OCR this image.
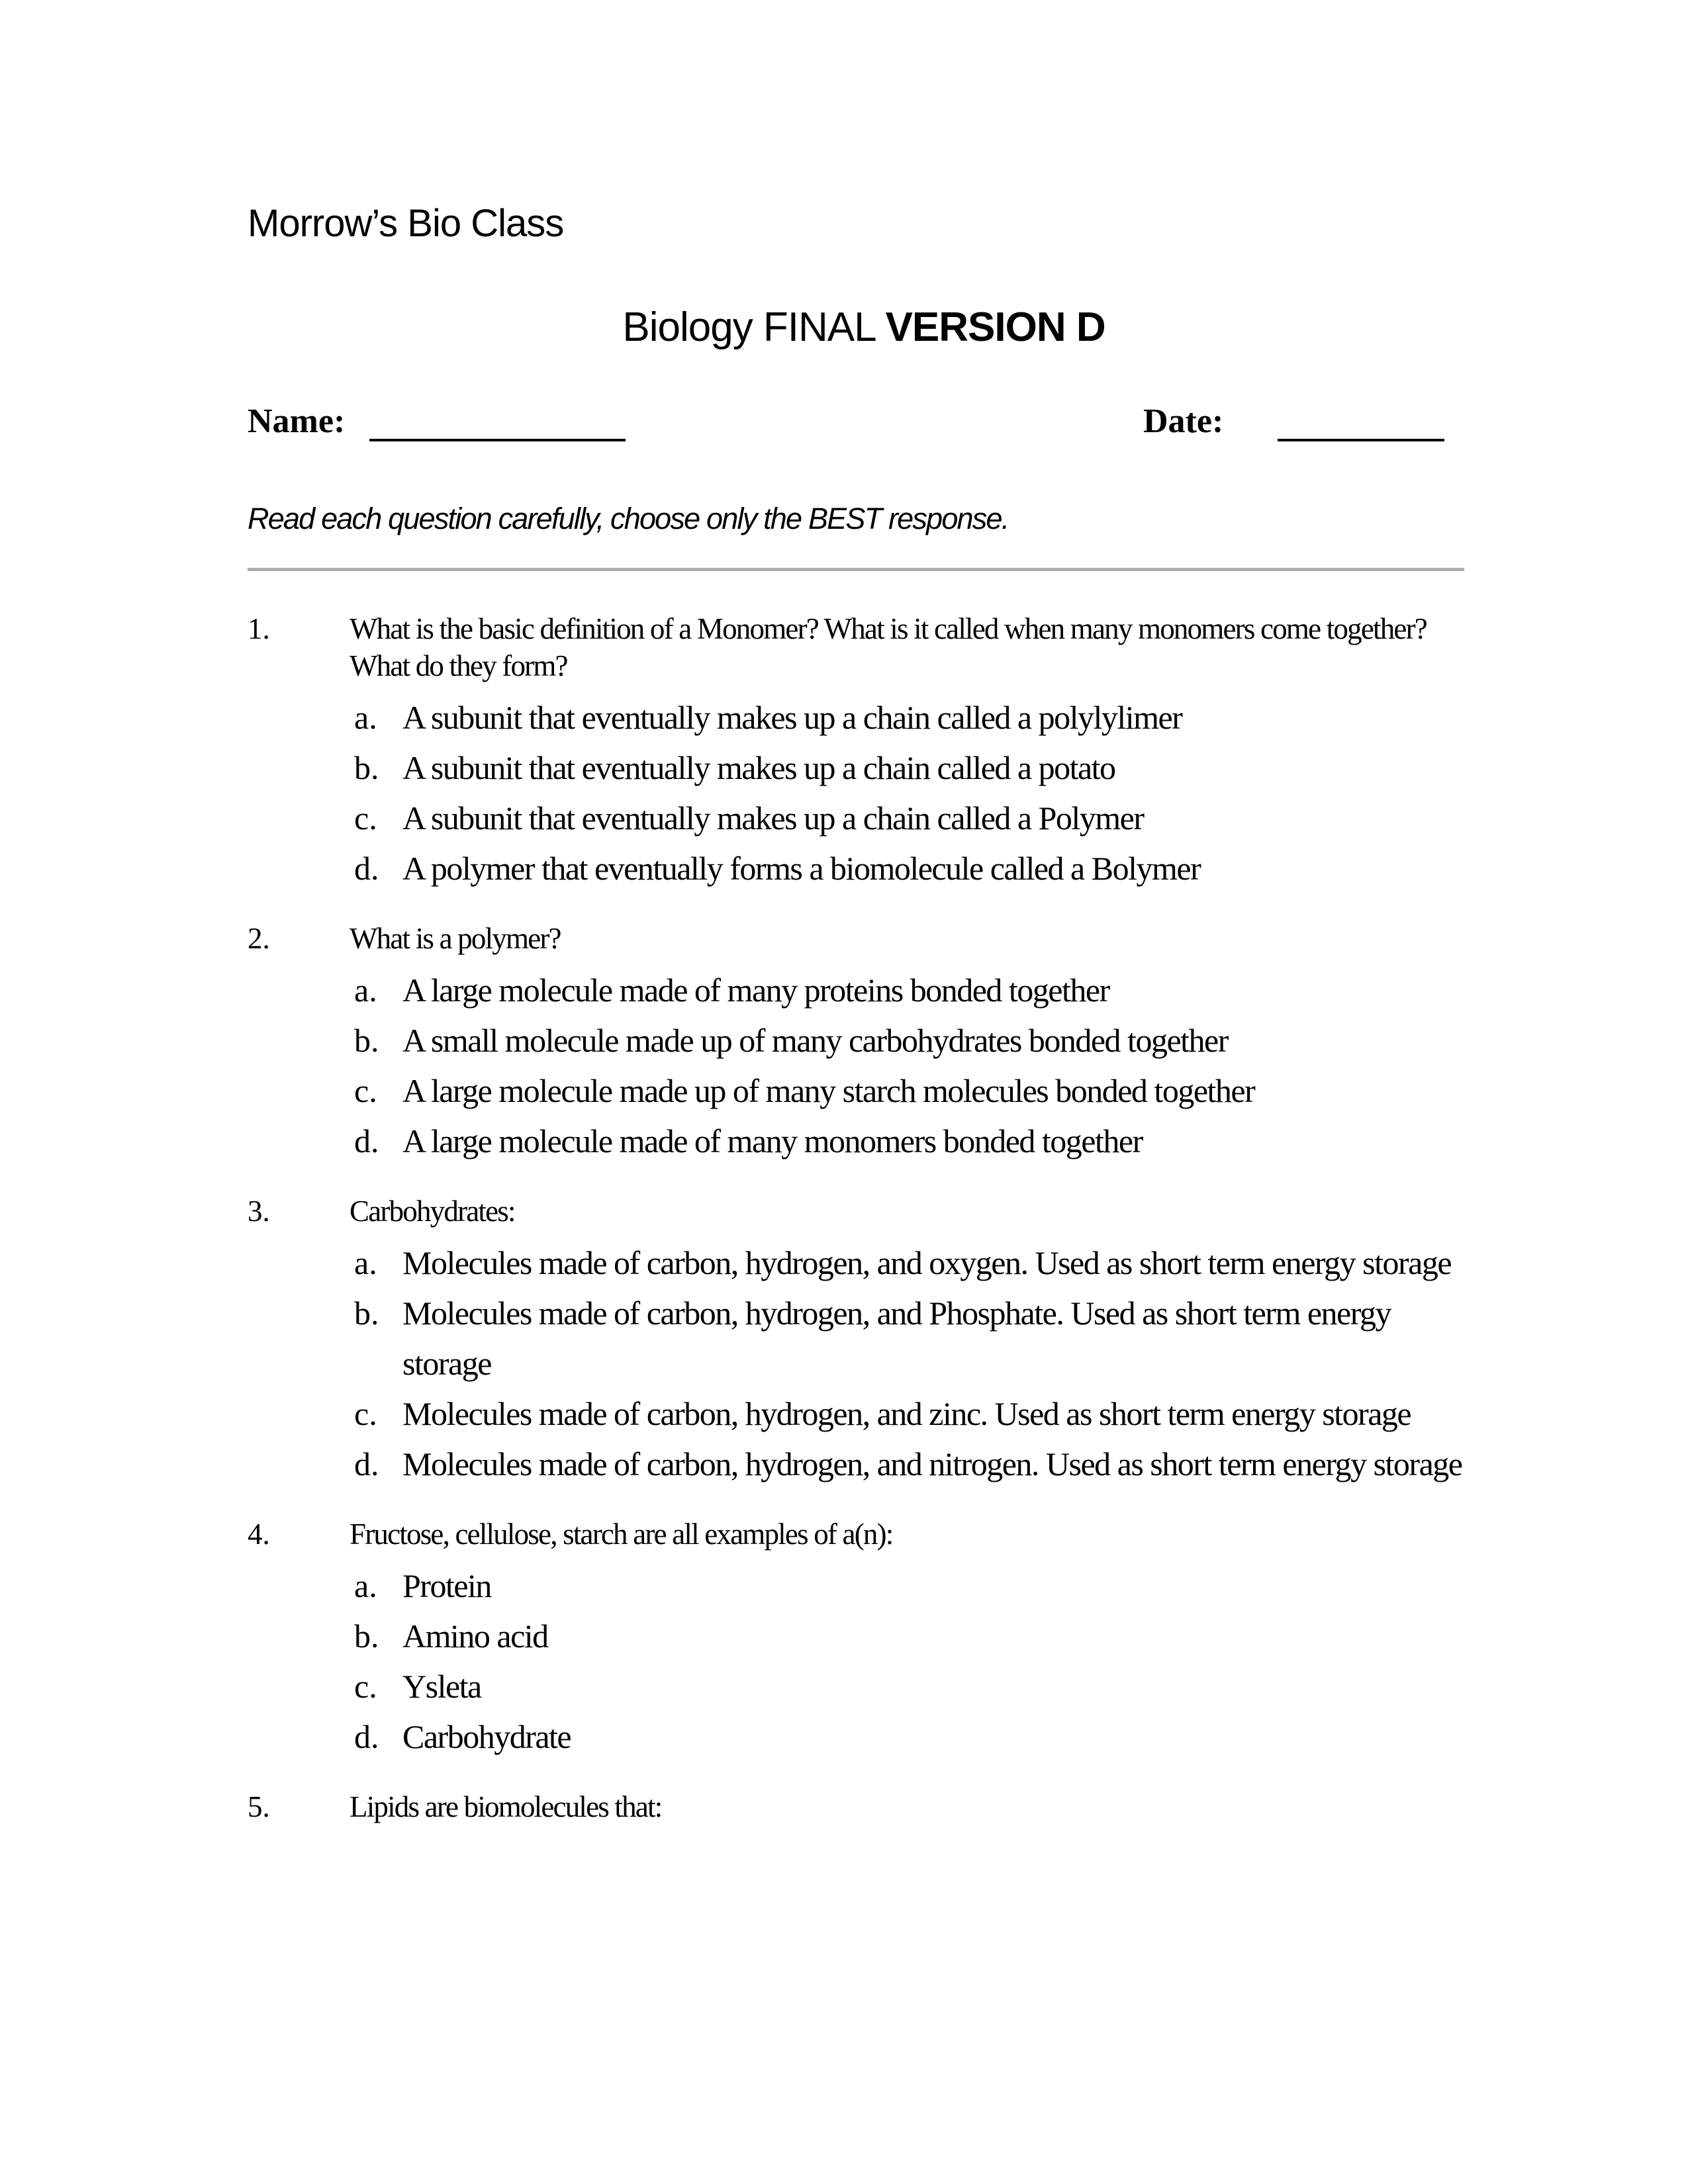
Morrow’s Bio Class
Biology FINAL VERSION D
Name:	Date:
Read each question carefully, choose only the BEST response.
1.	What is the basic definition of a Monomer? What is it called when many monomers come together? What do they form?
a. A subunit that eventually makes up a chain called a polylylimer
b. A subunit that eventually makes up a chain called a potato
c. A subunit that eventually makes up a chain called a Polymer
d. A polymer that eventually forms a biomolecule called a Bolymer
2.	What is a polymer?
a. A large molecule made of many proteins bonded together
b. A small molecule made up of many carbohydrates bonded together
c. A large molecule made up of many starch molecules bonded together
d. A large molecule made of many monomers bonded together
3.	Carbohydrates:
a. Molecules made of carbon, hydrogen, and oxygen. Used as short term energy storage
b. Molecules made of carbon, hydrogen, and Phosphate. Used as short term energy storage
c. Molecules made of carbon, hydrogen, and zinc. Used as short term energy storage
d. Molecules made of carbon, hydrogen, and nitrogen. Used as short term energy storage
4.	Fructose, cellulose, starch are all examples of a(n):
a. Protein
b. Amino acid
c. Ysleta
d. Carbohydrate
5.	Lipids are biomolecules that:
